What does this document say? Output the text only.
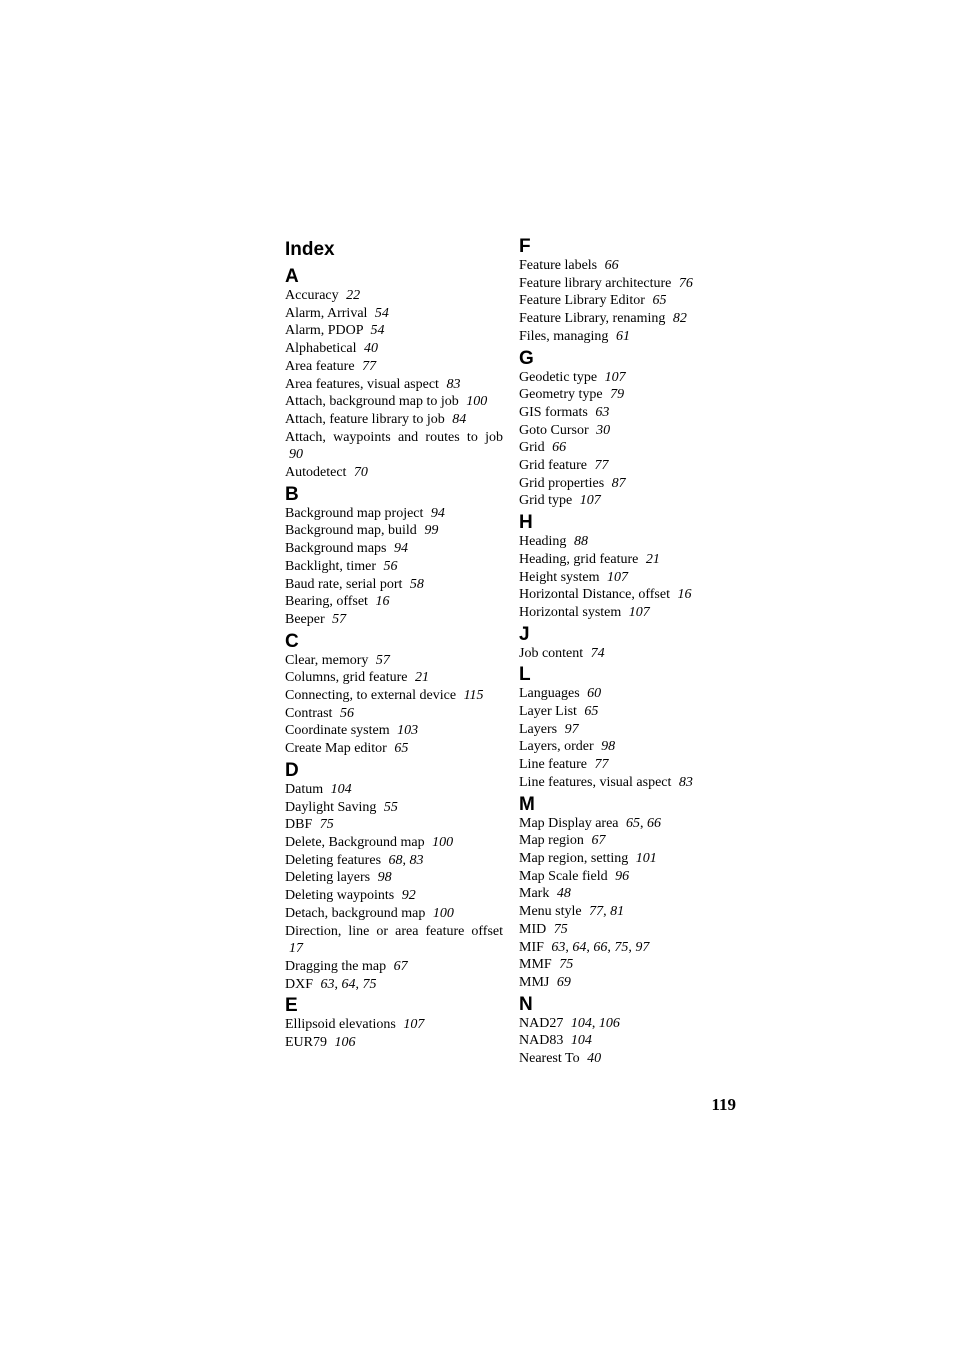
Index
A
Accuracy 22
Alarm, Arrival 54
Alarm, PDOP 54
Alphabetical 40
Area feature 77
Area features, visual aspect 83
Attach, background map to job 100
Attach, feature library to job 84
Attach, waypoints and routes to job 90
Autodetect 70
B
Background map project 94
Background map, build 99
Background maps 94
Backlight, timer 56
Baud rate, serial port 58
Bearing, offset 16
Beeper 57
C
Clear, memory 57
Columns, grid feature 21
Connecting, to external device 115
Contrast 56
Coordinate system 103
Create Map editor 65
D
Datum 104
Daylight Saving 55
DBF 75
Delete, Background map 100
Deleting features 68, 83
Deleting layers 98
Deleting waypoints 92
Detach, background map 100
Direction, line or area feature offset 17
Dragging the map 67
DXF 63, 64, 75
E
Ellipsoid elevations 107
EUR79 106
F
Feature labels 66
Feature library architecture 76
Feature Library Editor 65
Feature Library, renaming 82
Files, managing 61
G
Geodetic type 107
Geometry type 79
GIS formats 63
Goto Cursor 30
Grid 66
Grid feature 77
Grid properties 87
Grid type 107
H
Heading 88
Heading, grid feature 21
Height system 107
Horizontal Distance, offset 16
Horizontal system 107
J
Job content 74
L
Languages 60
Layer List 65
Layers 97
Layers, order 98
Line feature 77
Line features, visual aspect 83
M
Map Display area 65, 66
Map region 67
Map region, setting 101
Map Scale field 96
Mark 48
Menu style 77, 81
MID 75
MIF 63, 64, 66, 75, 97
MMF 75
MMJ 69
N
NAD27 104, 106
NAD83 104
Nearest To 40
119
